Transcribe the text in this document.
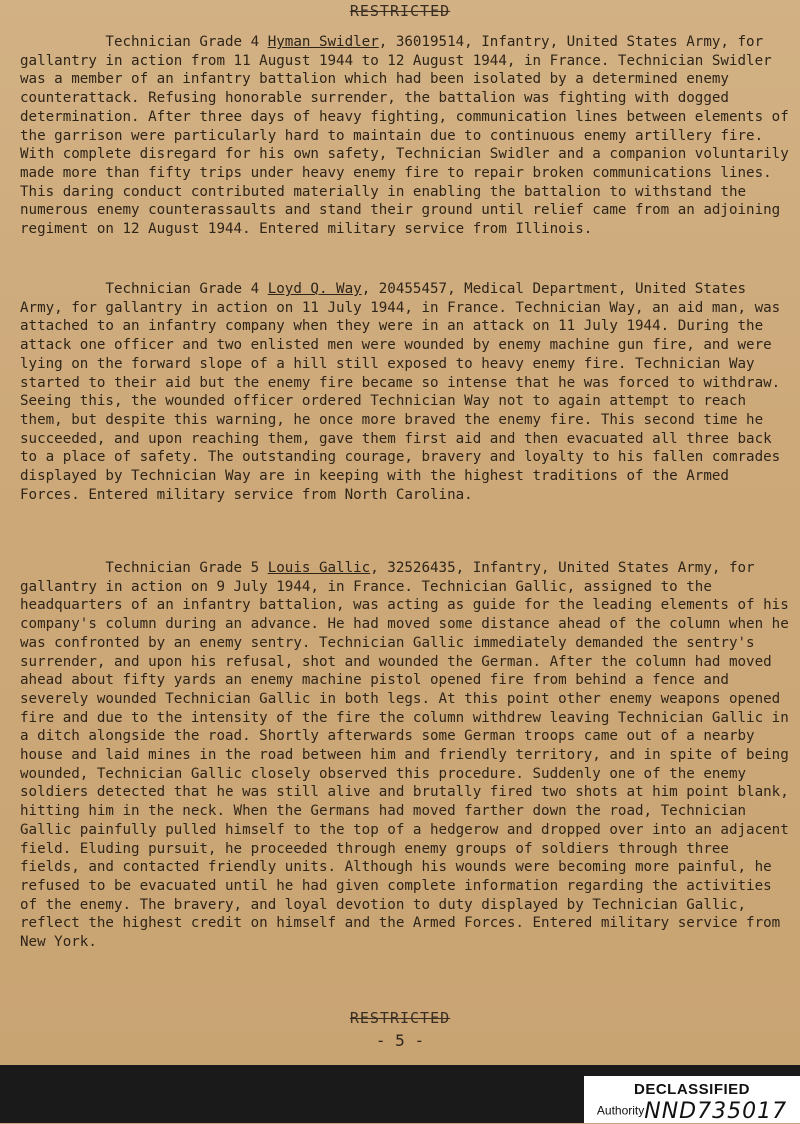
RESTRICTED

Technician Grade 4 Hyman Swidler, 36019514, Infantry, United States Army, for gallantry in action from 11 August 1944 to 12 August 1944, in France. Technician Swidler was a member of an infantry battalion which had been isolated by a determined enemy counterattack. Refusing honorable surrender, the battalion was fighting with dogged determination. After three days of heavy fighting, communication lines between elements of the garrison were particularly hard to maintain due to continuous enemy artillery fire. With complete disregard for his own safety, Technician Swidler and a companion voluntarily made more than fifty trips under heavy enemy fire to repair broken communications lines. This daring conduct contributed materially in enabling the battalion to withstand the numerous enemy counterassaults and stand their ground until relief came from an adjoining regiment on 12 August 1944. Entered military service from Illinois.

Technician Grade 4 Loyd Q. Way, 20455457, Medical Department, United States Army, for gallantry in action on 11 July 1944, in France. Technician Way, an aid man, was attached to an infantry company when they were in an attack on 11 July 1944. During the attack one officer and two enlisted men were wounded by enemy machine gun fire, and were lying on the forward slope of a hill still exposed to heavy enemy fire. Technician Way started to their aid but the enemy fire became so intense that he was forced to withdraw. Seeing this, the wounded officer ordered Technician Way not to again attempt to reach them, but despite this warning, he once more braved the enemy fire. This second time he succeeded, and upon reaching them, gave them first aid and then evacuated all three back to a place of safety. The outstanding courage, bravery and loyalty to his fallen comrades displayed by Technician Way are in keeping with the highest traditions of the Armed Forces. Entered military service from North Carolina.

Technician Grade 5 Louis Gallic, 32526435, Infantry, United States Army, for gallantry in action on 9 July 1944, in France. Technician Gallic, assigned to the headquarters of an infantry battalion, was acting as guide for the leading elements of his company's column during an advance. He had moved some distance ahead of the column when he was confronted by an enemy sentry. Technician Gallic immediately demanded the sentry's surrender, and upon his refusal, shot and wounded the German. After the column had moved ahead about fifty yards an enemy machine pistol opened fire from behind a fence and severely wounded Technician Gallic in both legs. At this point other enemy weapons opened fire and due to the intensity of the fire the column withdrew leaving Technician Gallic in a ditch alongside the road. Shortly afterwards some German troops came out of a nearby house and laid mines in the road between him and friendly territory, and in spite of being wounded, Technician Gallic closely observed this procedure. Suddenly one of the enemy soldiers detected that he was still alive and brutally fired two shots at him point blank, hitting him in the neck. When the Germans had moved farther down the road, Technician Gallic painfully pulled himself to the top of a hedgerow and dropped over into an adjacent field. Eluding pursuit, he proceeded through enemy groups of soldiers through three fields, and contacted friendly units. Although his wounds were becoming more painful, he refused to be evacuated until he had given complete information regarding the activities of the enemy. The bravery, and loyal devotion to duty displayed by Technician Gallic, reflect the highest credit on himself and the Armed Forces. Entered military service from New York.

RESTRICTED
- 5 -
DECLASSIFIED
AuthorityNND735017
